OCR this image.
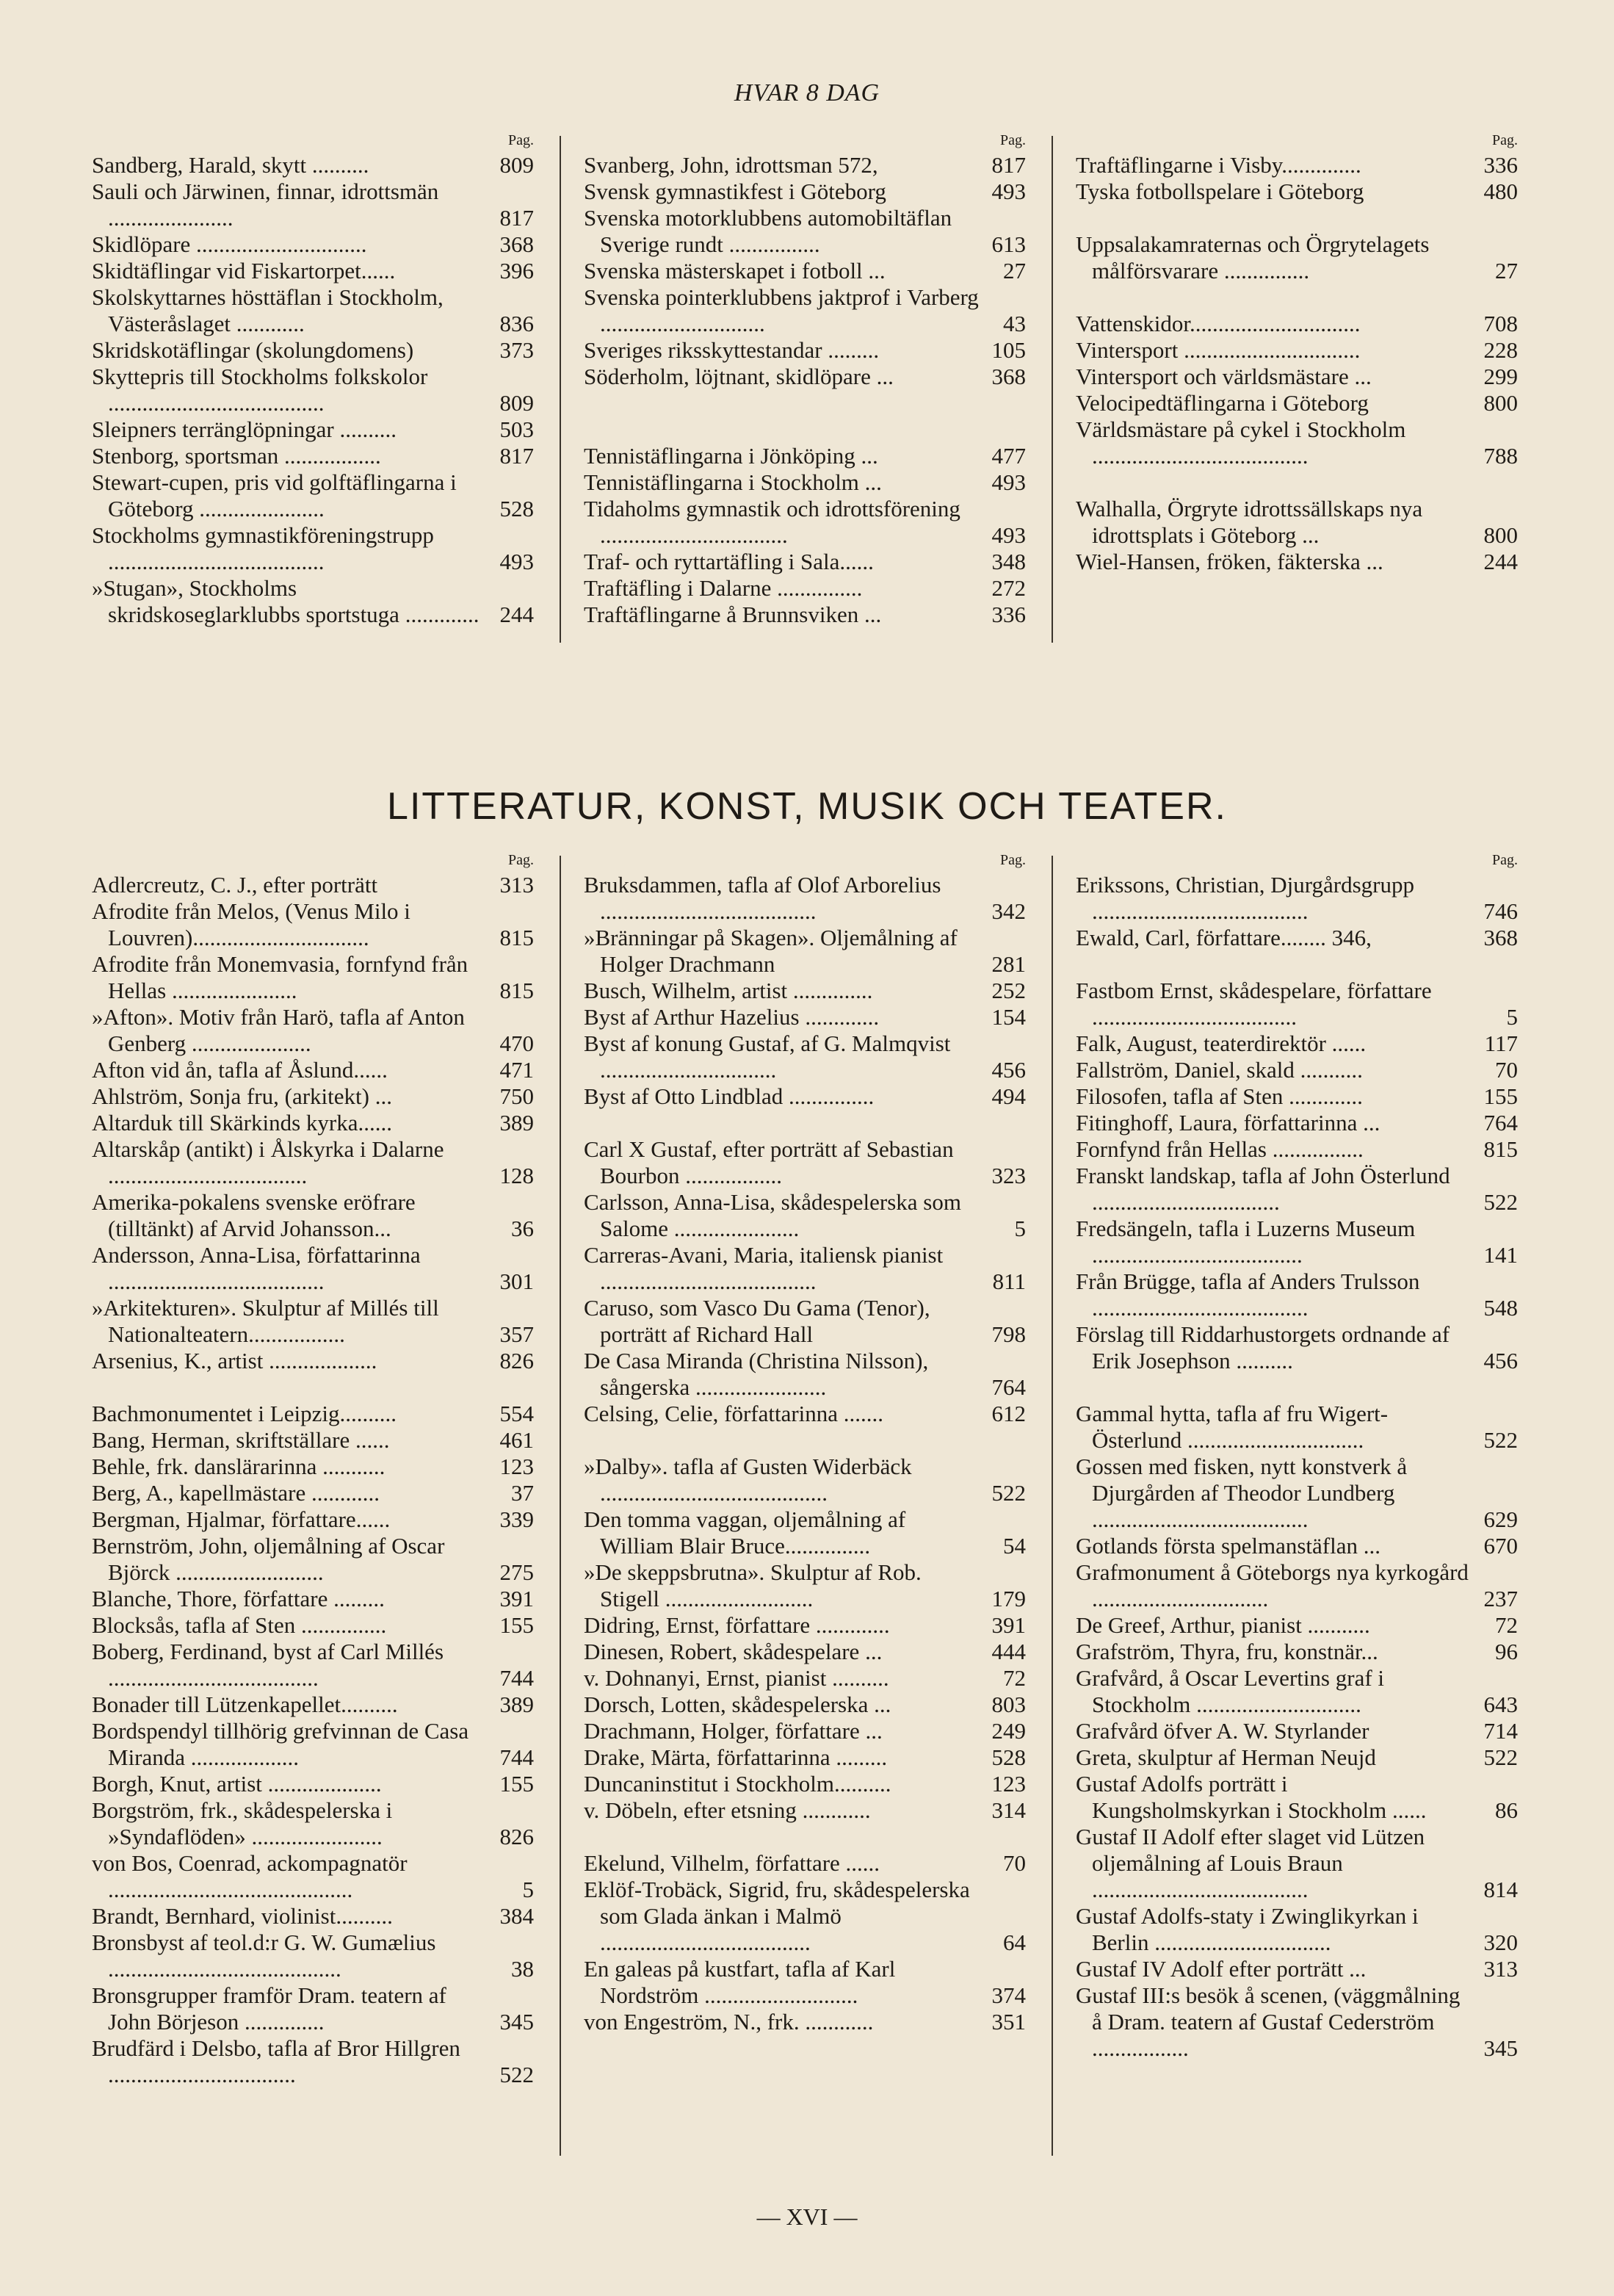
HVAR 8 DAG
Pag.
Sandberg, Harald, skytt ..........	809
Sauli och Järwinen, finnar, idrottsmän ......................	817
Skidlöpare ..............................	368
Skidtäflingar vid Fiskartorpet......	396
Skolskyttarnes hösttäflan i Stockholm, Västeråslaget ............	836
Skridskotäflingar (skolungdomens)	373
Skyttepris till Stockholms folkskolor ......................................	809
Sleipners terränglöpningar ..........	503
Stenborg, sportsman .................	817
Stewart-cupen, pris vid golftäflingarna i Göteborg ......................	528
Stockholms gymnastikföreningstrupp ......................................	493
»Stugan», Stockholms skridskoseglarklubbs sportstuga ............. 244
Pag.
Svanberg, John, idrottsman 572,	817
Svensk gymnastikfest i Göteborg	493
Svenska motorklubbens automobiltäflan Sverige rundt ................	613
Svenska mästerskapet i fotboll ...	27
Svenska pointerklubbens jaktprof i Varberg .............................	43
Sveriges riksskyttestandar .........	105
Söderholm, löjtnant, skidlöpare ...	368
Tennistäflingarna i Jönköping ...	477
Tennistäflingarna i Stockholm ...	493
Tidaholms gymnastik och idrottsförening .................................	493
Traf- och ryttartäfling i Sala......	348
Traftäfling i Dalarne ...............	272
Traftäflingarne å Brunnsviken ...	336
Pag.
Traftäflingarne i Visby..............	336
Tyska fotbollspelare i Göteborg	480
Uppsalakamraternas och Örgrytelagets målförsvarare ...............	27
Vattenskidor..............................	708
Vintersport ...............................	228
Vintersport och världsmästare ...	299
Velocipedtäflingarna i Göteborg	800
Världsmästare på cykel i Stockholm ......................................	788
Walhalla, Örgryte idrottssällskaps nya idrottsplats i Göteborg ...	800
Wiel-Hansen, fröken, fäkterska ...	244
LITTERATUR, KONST, MUSIK OCH TEATER.
Pag.
Adlercreutz, C. J., efter porträtt	313
Afrodite från Melos, (Venus Milo i Louvren)...............................	815
Afrodite från Monemvasia, fornfynd från Hellas ......................	815
»Afton». Motiv från Harö, tafla af Anton Genberg .....................	470
Afton vid ån, tafla af Åslund......	471
Ahlström, Sonja fru, (arkitekt) ...	750
Altarduk till Skärkinds kyrka......	389
Altarskåp (antikt) i Ålskyrka i Dalarne ...................................	128
Amerika-pokalens svenske eröfrare (tilltänkt) af Arvid Johansson...	36
Andersson, Anna-Lisa, författarinna ......................................	301
»Arkitekturen». Skulptur af Millés till Nationalteatern.................	357
Arsenius, K., artist ...................	826
Bachmonumentet i Leipzig..........	554
Bang, Herman, skriftställare ......	461
Behle, frk. danslärarinna ...........	123
Berg, A., kapellmästare ............	37
Bergman, Hjalmar, författare......	339
Bernström, John, oljemålning af Oscar Björck ..........................	275
Blanche, Thore, författare .........	391
Blocksås, tafla af Sten ...............	155
Boberg, Ferdinand, byst af Carl Millés .....................................	744
Bonader till Lützenkapellet..........	389
Bordspendyl tillhörig grefvinnan de Casa Miranda ...................	744
Borgh, Knut, artist ....................	155
Borgström, frk., skådespelerska i »Syndaflöden» .......................	826
von Bos, Coenrad, ackompagnatör ...........................................	5
Brandt, Bernhard, violinist..........	384
Bronsbyst af teol.d:r G. W. Gumælius .........................................	38
Bronsgrupper framför Dram. teatern af John Börjeson ..............	345
Brudfärd i Delsbo, tafla af Bror Hillgren .................................	522
Pag.
Bruksdammen, tafla af Olof Arborelius ......................................	342
»Bränningar på Skagen». Oljemålning af Holger Drachmann	281
Busch, Wilhelm, artist ..............	252
Byst af Arthur Hazelius .............	154
Byst af konung Gustaf, af G. Malmqvist ...............................	456
Byst af Otto Lindblad ...............	494
Carl X Gustaf, efter porträtt af Sebastian Bourbon .................	323
Carlsson, Anna-Lisa, skådespelerska som Salome ......................	5
Carreras-Avani, Maria, italiensk pianist ......................................	811
Caruso, som Vasco Du Gama (Tenor), porträtt af Richard Hall	798
De Casa Miranda (Christina Nilsson), sångerska .......................	764
Celsing, Celie, författarinna .......	612
»Dalby». tafla af Gusten Widerbäck ........................................	522
Den tomma vaggan, oljemålning af William Blair Bruce...............	54
»De skeppsbrutna». Skulptur af Rob. Stigell ..........................	179
Didring, Ernst, författare .............	391
Dinesen, Robert, skådespelare ...	444
v. Dohnanyi, Ernst, pianist ..........	72
Dorsch, Lotten, skådespelerska ...	803
Drachmann, Holger, författare ...	249
Drake, Märta, författarinna .........	528
Duncaninstitut i Stockholm..........	123
v. Döbeln, efter etsning ............	314
Ekelund, Vilhelm, författare ......	70
Eklöf-Trobäck, Sigrid, fru, skådespelerska som Glada änkan i Malmö .....................................	64
En galeas på kustfart, tafla af Karl Nordström ...........................	374
von Engeström, N., frk. ............	351
Pag.
Erikssons, Christian, Djurgårdsgrupp ......................................	746
Ewald, Carl, författare........ 346,	368
Fastbom Ernst, skådespelare, författare ....................................	5
Falk, August, teaterdirektör ......	117
Fallström, Daniel, skald ...........	70
Filosofen, tafla af Sten .............	155
Fitinghoff, Laura, författarinna ...	764
Fornfynd från Hellas ................	815
Franskt landskap, tafla af John Österlund .................................	522
Fredsängeln, tafla i Luzerns Museum .....................................	141
Från Brügge, tafla af Anders Trulsson ......................................	548
Förslag till Riddarhustorgets ordnande af Erik Josephson ..........	456
Gammal hytta, tafla af fru Wigert-Österlund ...............................	522
Gossen med fisken, nytt konstverk å Djurgården af Theodor Lundberg ......................................	629
Gotlands första spelmanstäflan ...	670
Grafmonument å Göteborgs nya kyrkogård ...............................	237
De Greef, Arthur, pianist ...........	72
Grafström, Thyra, fru, konstnär...	96
Grafvård, å Oscar Levertins graf i Stockholm .............................	643
Grafvård öfver A. W. Styrlander	714
Greta, skulptur af Herman Neujd	522
Gustaf Adolfs porträtt i Kungsholmskyrkan i Stockholm ......	86
Gustaf II Adolf efter slaget vid Lützen oljemålning af Louis Braun ......................................	814
Gustaf Adolfs-staty i Zwinglikyrkan i Berlin ...............................	320
Gustaf IV Adolf efter porträtt ...	313
Gustaf III:s besök å scenen, (väggmålning å Dram. teatern af Gustaf Cederström .................	345
— XVI —
